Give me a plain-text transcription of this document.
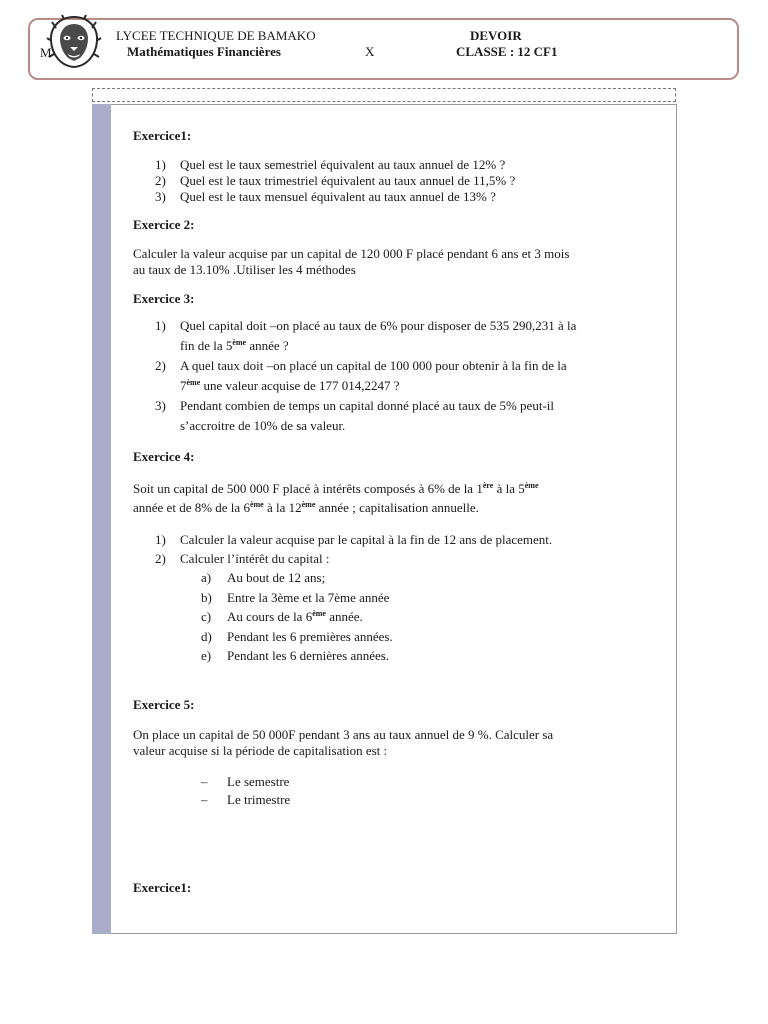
M
LYCEE TECHNIQUE DE BAMAKO
Mathématiques Financières	X
DEVOIR
CLASSE : 12 CF1

Exercice1:

1) Quel est le taux semestriel équivalent au taux annuel de 12% ?
2) Quel est le taux trimestriel équivalent au taux annuel de 11,5% ?
3) Quel est le taux mensuel équivalent au taux annuel de 13% ?

Exercice 2:

Calculer la valeur acquise par un capital de 120 000 F placé pendant 6 ans et 3 mois
au taux de 13.10% .Utiliser les 4 méthodes

Exercice 3:

1) Quel capital doit –on placé au taux de 6% pour disposer de 535 290,231 à la
fin de la 5ème année ?
2) A quel taux doit –on placé un capital de 100 000 pour obtenir à la fin de la
7ème une valeur acquise de 177 014,2247 ?
3) Pendant combien de temps un capital donné placé au taux de 5% peut-il
s’accroitre de 10% de sa valeur.

Exercice 4:

Soit un capital de 500 000 F placé à intérêts composés à 6% de la 1ère à la 5ème
année et de 8% de la 6ème à la 12ème année ; capitalisation annuelle.

1) Calculer la valeur acquise par le capital à la fin de 12 ans de placement.
2) Calculer l’intérêt du capital :
a) Au bout de 12 ans;
b) Entre la 3ème et la 7ème année
c) Au cours de la 6ème année.
d) Pendant les 6 premières années.
e) Pendant les 6 dernières années.

Exercice 5:

On place un capital de 50 000F pendant 3 ans au taux annuel de 9 %. Calculer sa
valeur acquise si la période de capitalisation est :

– Le semestre
– Le trimestre

Exercice1:
